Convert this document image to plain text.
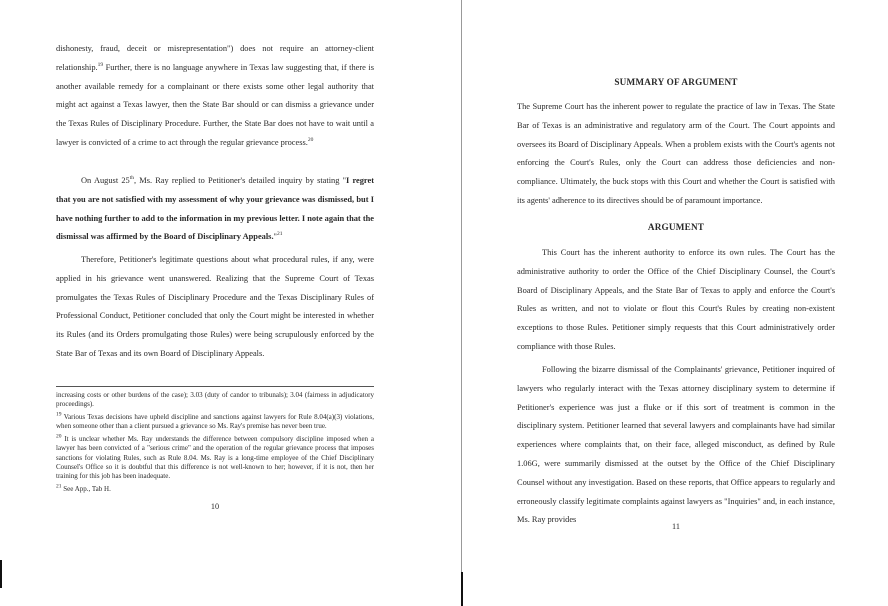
dishonesty, fraud, deceit or misrepresentation") does not require an attorney-client relationship.$^{19}$ Further, there is no language anywhere in Texas law suggesting that, if there is another available remedy for a complainant or there exists some other legal authority that might act against a Texas lawyer, then the State Bar should or can dismiss a grievance under the Texas Rules of Disciplinary Procedure. Further, the State Bar does not have to wait until a lawyer is convicted of a crime to act through the regular grievance process.$^{20}$
On August 25th, Ms. Ray replied to Petitioner's detailed inquiry by stating "I regret that you are not satisfied with my assessment of why your grievance was dismissed, but I have nothing further to add to the information in my previous letter. I note again that the dismissal was affirmed by the Board of Disciplinary Appeals."$^{21}$
Therefore, Petitioner's legitimate questions about what procedural rules, if any, were applied in his grievance went unanswered. Realizing that the Supreme Court of Texas promulgates the Texas Rules of Disciplinary Procedure and the Texas Disciplinary Rules of Professional Conduct, Petitioner concluded that only the Court might be interested in whether its Rules (and its Orders promulgating those Rules) were being scrupulously enforced by the State Bar of Texas and its own Board of Disciplinary Appeals.

increasing costs or other burdens of the case); 3.03 (duty of candor to tribunals); 3.04 (fairness in adjudicatory proceedings).

$^{19}$ Various Texas decisions have upheld discipline and sanctions against lawyers for Rule 8.04(a)(3) violations, when someone other than a client pursued a grievance so Ms. Ray's premise has never been true.

$^{20}$ It is unclear whether Ms. Ray understands the difference between compulsory discipline imposed when a lawyer has been convicted of a "serious crime" and the operation of the regular grievance process that imposes sanctions for violating Rules, such as Rule 8.04. Ms. Ray is a long-time employee of the Chief Disciplinary Counsel's Office so it is doubtful that this difference is not well-known to her; however, if it is not, then her training for this job has been inadequate.

$^{21}$ See App., Tab H.

10
SUMMARY OF ARGUMENT
The Supreme Court has the inherent power to regulate the practice of law in Texas. The State Bar of Texas is an administrative and regulatory arm of the Court. The Court appoints and oversees its Board of Disciplinary Appeals. When a problem exists with the Court's agents not enforcing the Court's Rules, only the Court can address those deficiencies and non-compliance. Ultimately, the buck stops with this Court and whether the Court is satisfied with its agents' adherence to its directives should be of paramount importance.
ARGUMENT
This Court has the inherent authority to enforce its own rules. The Court has the administrative authority to order the Office of the Chief Disciplinary Counsel, the Court's Board of Disciplinary Appeals, and the State Bar of Texas to apply and enforce the Court's Rules as written, and not to violate or flout this Court's Rules by creating non-existent exceptions to those Rules. Petitioner simply requests that this Court administratively order compliance with those Rules.
Following the bizarre dismissal of the Complainants' grievance, Petitioner inquired of lawyers who regularly interact with the Texas attorney disciplinary system to determine if Petitioner's experience was just a fluke or if this sort of treatment is common in the disciplinary system. Petitioner learned that several lawyers and complainants have had similar experiences where complaints that, on their face, alleged misconduct, as defined by Rule 1.06G, were summarily dismissed at the outset by the Office of the Chief Disciplinary Counsel without any investigation. Based on these reports, that Office appears to regularly and erroneously classify legitimate complaints against lawyers as "Inquiries" and, in each instance, Ms. Ray provides
11
